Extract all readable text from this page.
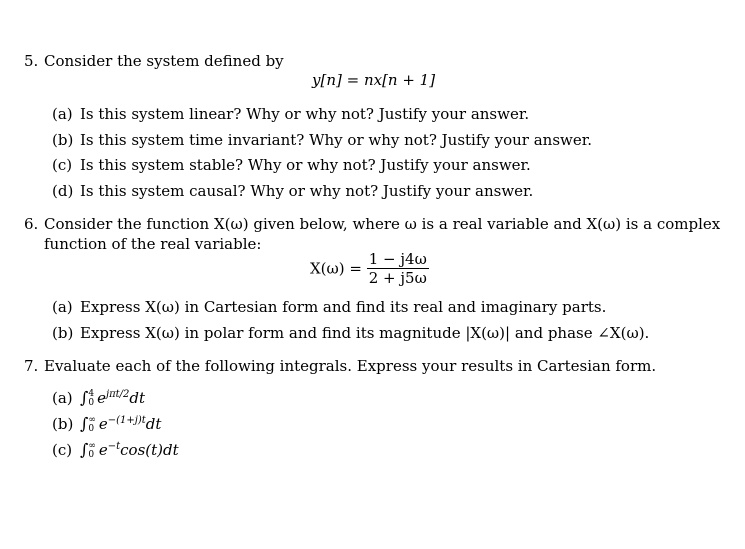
5. Consider the system defined by
y[n] = nx[n + 1]
(a) Is this system linear? Why or why not? Justify your answer.
(b) Is this system time invariant? Why or why not? Justify your answer.
(c) Is this system stable? Why or why not? Justify your answer.
(d) Is this system causal? Why or why not? Justify your answer.
6. Consider the function X(ω) given below, where ω is a real variable and X(ω) is a complex
function of the real variable:
$X(\omega) = \frac{1 - j4\omega}{2 + j5\omega}$
(a) Express X(ω) in Cartesian form and find its real and imaginary parts.
(b) Express X(ω) in polar form and find its magnitude |X(ω)| and phase ∠X(ω).
7. Evaluate each of the following integrals. Express your results in Cartesian form.
(a) ∫ 4
0 $e^{j\pi t/2}dt$
(b) ∫ ∞
0 $e^{-(1+j)t}dt$
(c) ∫ ∞
0 $e^{-t}\cos(t)dt$
